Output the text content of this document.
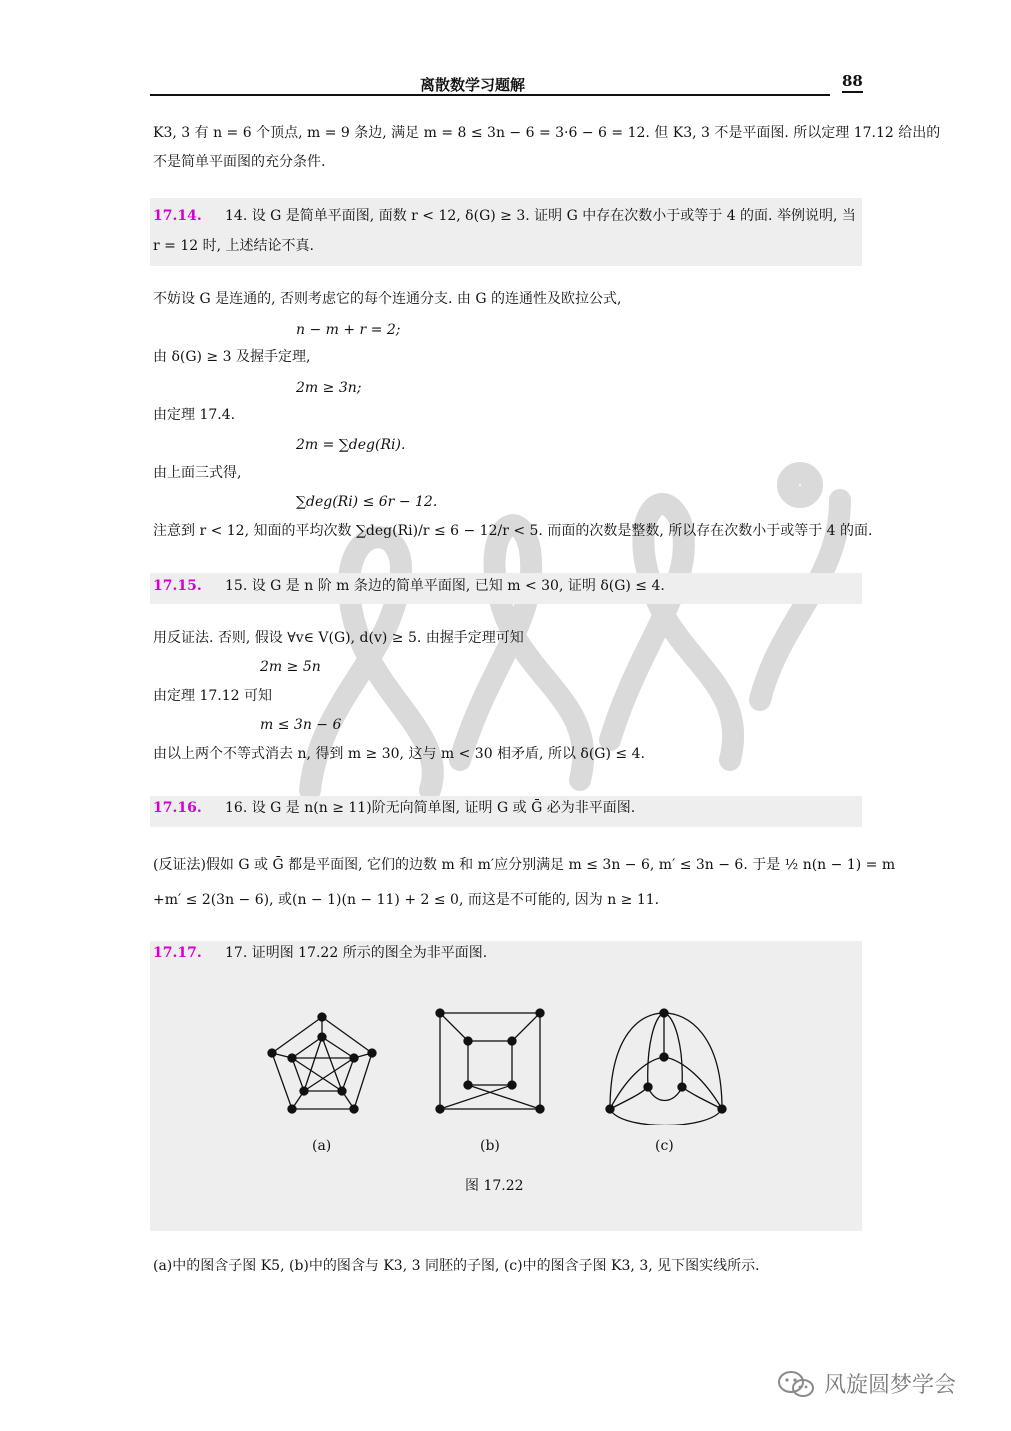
离散数学习题解	88
K3, 3 有 n = 6 个顶点, m = 9 条边, 满足 m = 8 ≤ 3n − 6 = 3·6 − 6 = 12. 但 K3, 3 不是平面图. 所以定理 17.12 给出的
不是简单平面图的充分条件.
17.14. 14. 设 G 是简单平面图, 面数 r < 12, δ(G) ≥ 3. 证明 G 中存在次数小于或等于 4 的面. 举例说明, 当
r = 12 时, 上述结论不真.
不妨设 G 是连通的, 否则考虑它的每个连通分支. 由 G 的连通性及欧拉公式,
n − m + r = 2;
由 δ(G) ≥ 3 及握手定理,
2m ≥ 3n;
由定理 17.4.
2m = ∑deg(Ri).
由上面三式得,
∑deg(Ri) ≤ 6r − 12.
注意到 r < 12, 知面的平均次数 ∑deg(Ri)/r ≤ 6 − 12/r < 5. 而面的次数是整数, 所以存在次数小于或等于 4 的面.
17.15. 15. 设 G 是 n 阶 m 条边的简单平面图, 已知 m < 30, 证明 δ(G) ≤ 4.
用反证法. 否则, 假设 ∀v∈ V(G), d(v) ≥ 5. 由握手定理可知
2m ≥ 5n
由定理 17.12 可知
m ≤ 3n − 6
由以上两个不等式消去 n, 得到 m ≥ 30, 这与 m < 30 相矛盾, 所以 δ(G) ≤ 4.
17.16. 16. 设 G 是 n(n ≥ 11)阶无向简单图, 证明 G 或 Ḡ 必为非平面图.
(反证法)假如 G 或 Ḡ 都是平面图, 它们的边数 m 和 m′应分别满足 m ≤ 3n − 6, m′ ≤ 3n − 6. 于是 ½ n(n − 1) = m
+m′ ≤ 2(3n − 6), 或(n − 1)(n − 11) + 2 ≤ 0, 而这是不可能的, 因为 n ≥ 11.
17.17. 17. 证明图 17.22 所示的图全为非平面图.
(a)	(b)	(c)
图 17.22
(a)中的图含子图 K5, (b)中的图含与 K3, 3 同胚的子图, (c)中的图含子图 K3, 3, 见下图实线所示.
风旋圆梦学会
